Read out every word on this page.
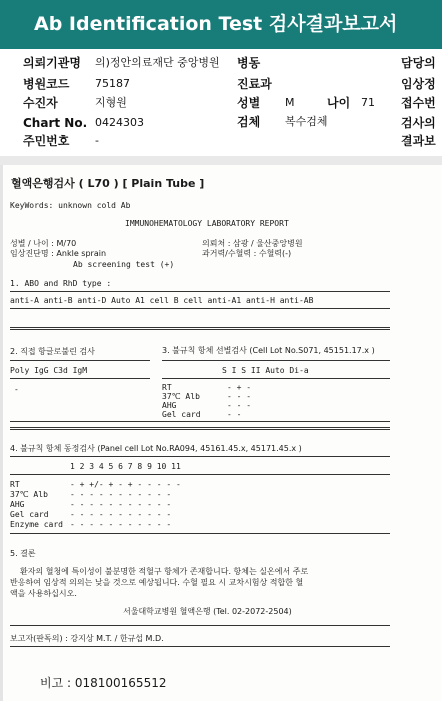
Ab Identification Test 검사결과보고서
의뢰기관명 의)정안의료재단 중앙병원 병동	담당의
병원코드 75187	진료과	임상정
수진자	지형원	성별 M	나이 71 접수번
Chart No. 0424303	검체 복수검체	검사의
주민번호 -	결과보
혈액은행검사 ( L70 ) [ Plain Tube ]
KeyWords: unknown cold Ab
IMMUNOHEMATOLOGY LABORATORY REPORT
성별 / 나이 : M/70
임상진단명 : Ankle sprain
Ab screening test (+)
의뢰처 : 삼광 / 울산중앙병원
과거력/수혈력 : 수혈력(-)
1. ABO and RhD type :
anti-A anti-B anti-D Auto A1 cell B cell anti-A1 anti-H anti-AB
2. 직접 항글로불린 검사	3. 불규칙 항체 선별검사 (Cell Lot No.S071, 45151.17.x )
Poly IgG C3d IgM	S I S II Auto Di-a
-	RT	- + -
37℃ Alb	- - -
AHG	- - -
Gel card	- -
4. 불규칙 항체 동정검사 (Panel cell Lot No.RA094, 45161.45.x, 45171.45.x )
1 2 3 4 5 6 7 8 9 10 11
RT	- + +/- + - + - - - - -
37℃ Alb	- - - - - - - - - - -
AHG	- - - - - - - - - - -
Gel card	- - - - - - - - - - -
Enzyme card - - - - - - - - - - -
5. 결론
환자의 혈청에 특이성이 불분명한 적혈구 항체가 존재합니다. 항체는 실온에서 주로
반응하여 임상적 의의는 낮을 것으로 예상됩니다. 수혈 필요 시 교차시험상 적합한 혈
액을 사용하십시오.
서울대학교병원 혈액은행 (Tel. 02-2072-2504)
보고자(판독의) : 강지상 M.T. / 한규섭 M.D.
비고 : 018100165512
